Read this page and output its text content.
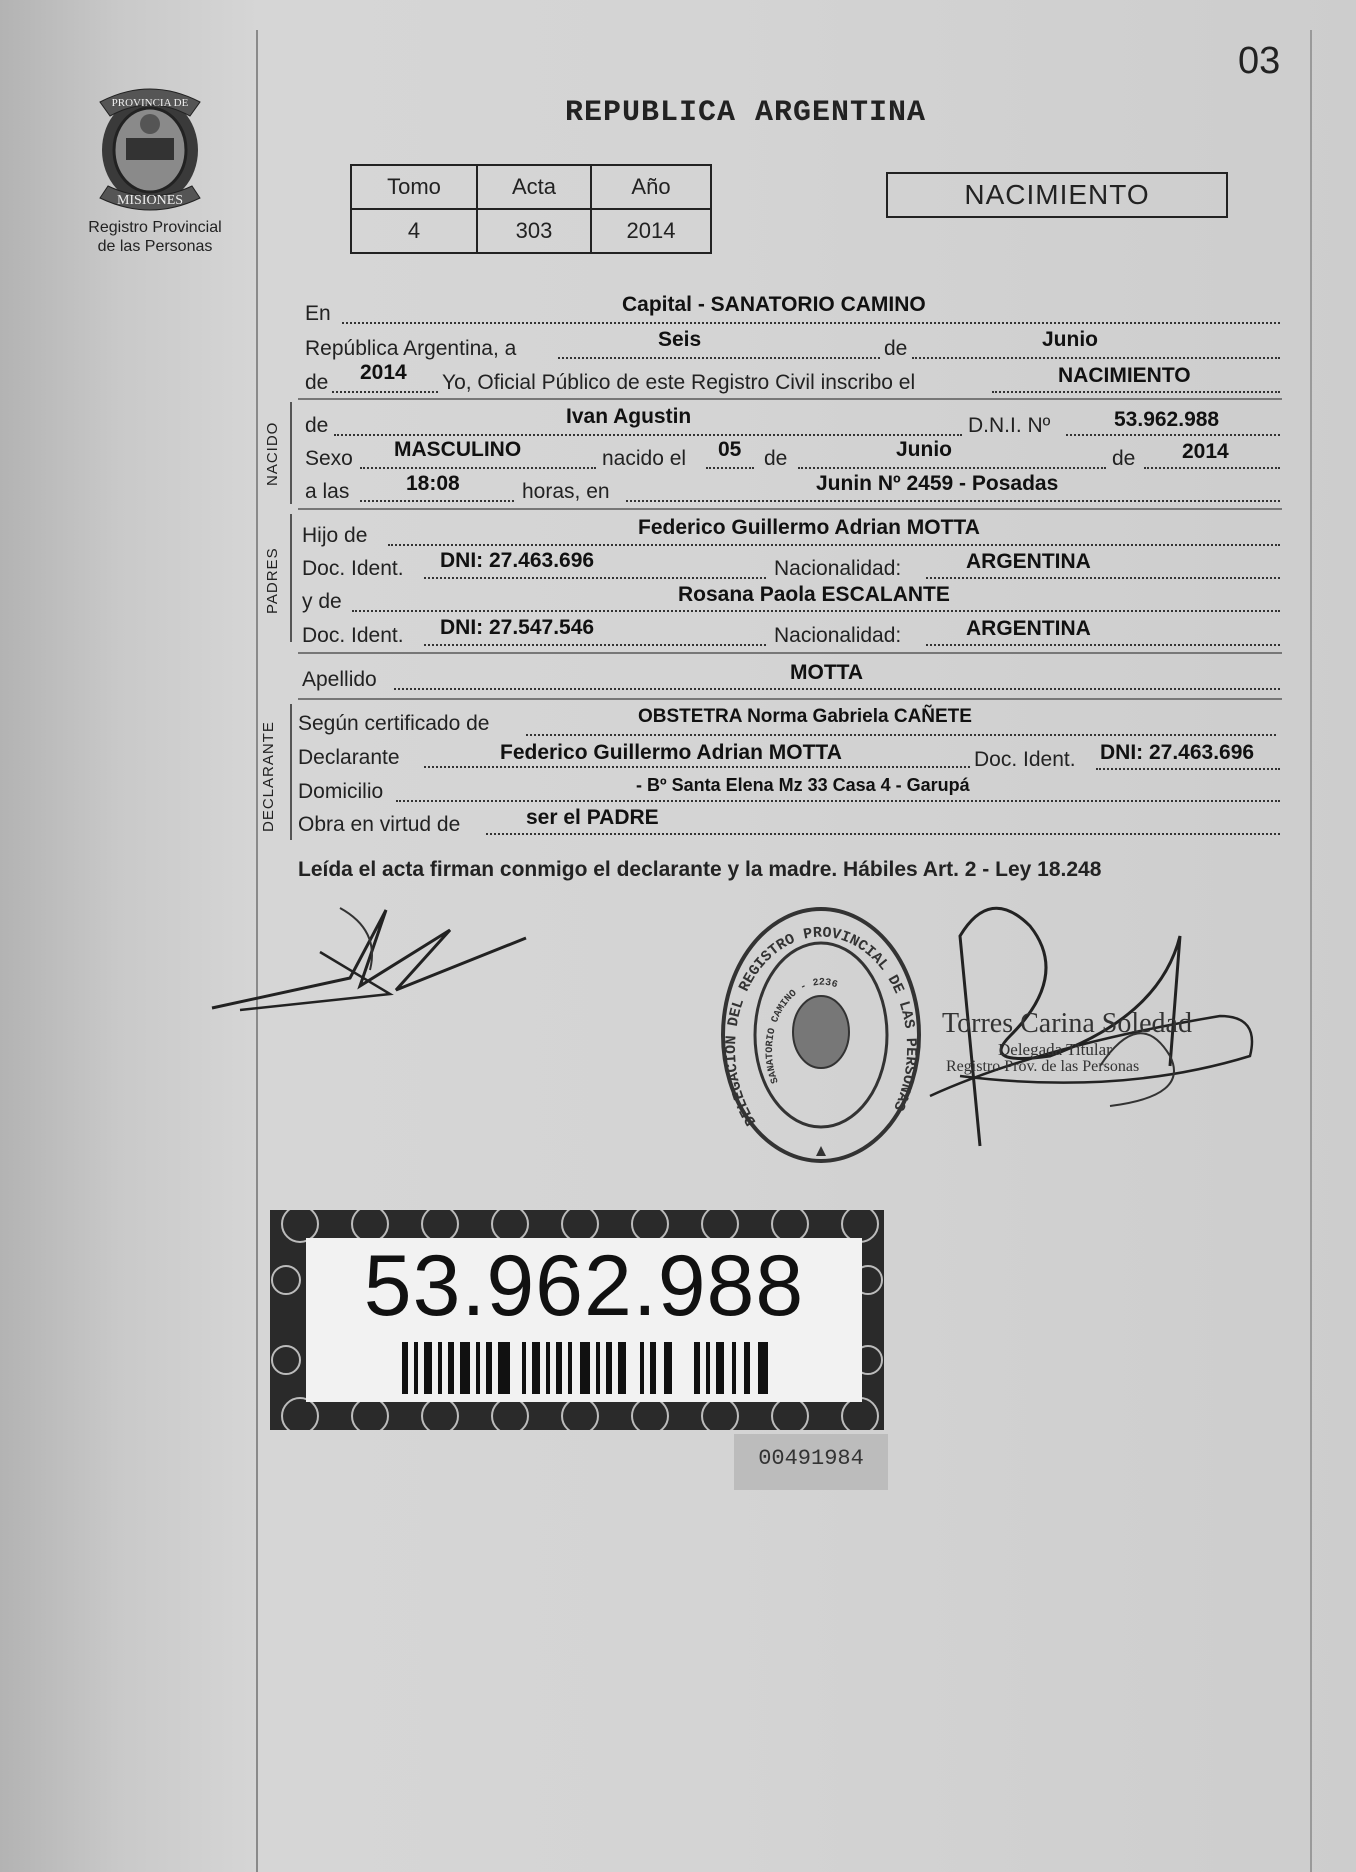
03
PROVINCIA DE
MISIONES
Registro Provincial
de las Personas
REPUBLICA ARGENTINA
Tomo	Acta	Año
4	303	2014
NACIMIENTO
En	Capital - SANATORIO CAMINO
República Argentina, a	Seis	de	Junio
de 2014 Yo, Oficial Público de este Registro Civil inscribo el	NACIMIENTO
NACIDO de	Ivan Agustin	D.N.I. Nº	53.962.988
Sexo MASCULINO	nacido el 05 de	Junio	de 2014
a las	18:08	horas, en	Junin Nº 2459 - Posadas
PADRES
Hijo de	Federico Guillermo Adrian MOTTA
Doc. Ident. DNI: 27.463.696	Nacionalidad:	ARGENTINA
y de	Rosana Paola ESCALANTE
Doc. Ident. DNI: 27.547.546	Nacionalidad:	ARGENTINA
Apellido	MOTTA
DECLARANTE Según certificado de	OBSTETRA Norma Gabriela CAÑETE
Declarante	Federico Guillermo Adrian MOTTA	Doc. Ident. DNI: 27.463.696
Domicilio	- Bº Santa Elena Mz 33 Casa 4 - Garupá
Obra en virtud de	ser el PADRE
Leída el acta firman conmigo el declarante y la madre. Hábiles Art. 2 - Ley 18.248
DELEGACION DEL REGISTRO PROVINCIAL DE LAS PERSONAS
SANATORIO CAMINO - 2236
Torres Carina Soledad
Delegada Titular
Registro Prov. de las Personas
53.962.988
00491984
